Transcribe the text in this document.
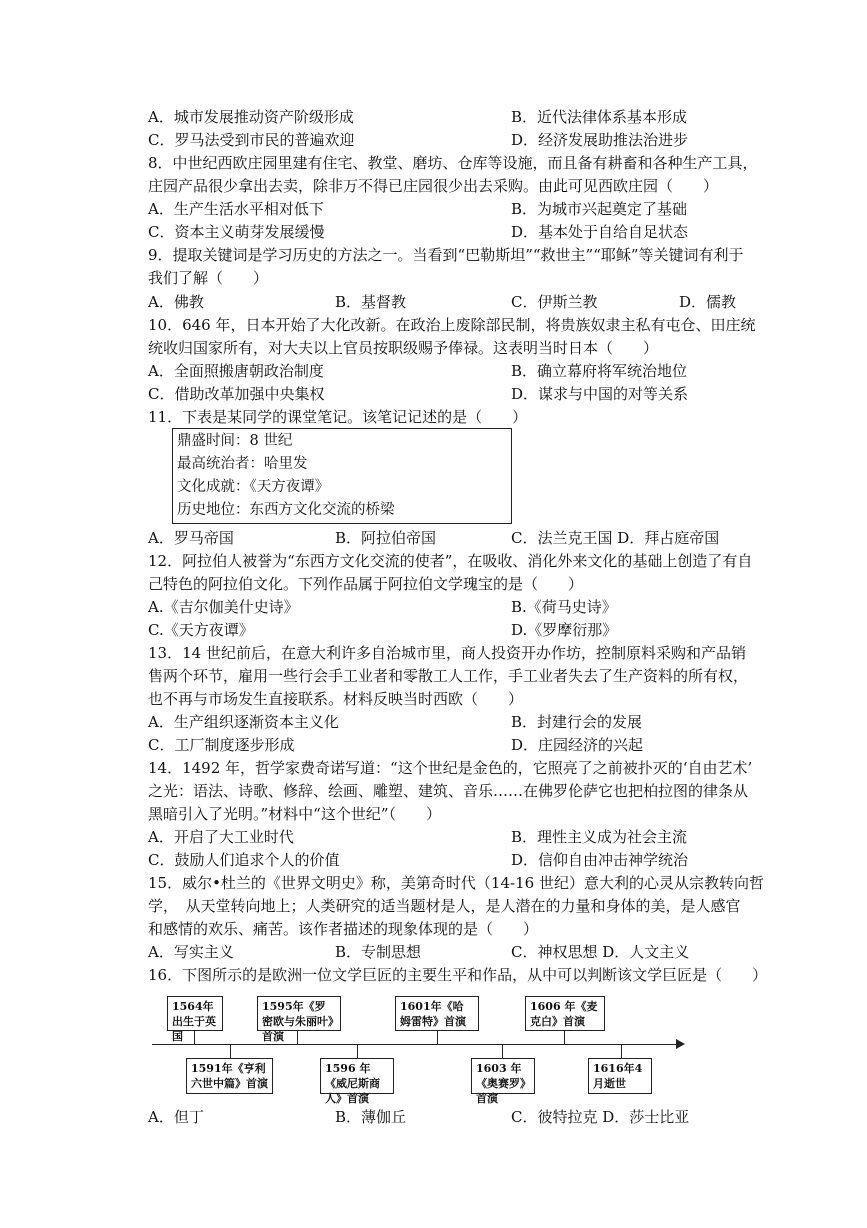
A．城市发展推动资产阶级形成	B．近代法律体系基本形成
C．罗马法受到市民的普遍欢迎	D．经济发展助推法治进步
8．中世纪西欧庄园里建有住宅、教堂、磨坊、仓库等设施，而且备有耕畜和各种生产工具，
庄园产品很少拿出去卖，除非万不得已庄园很少出去采购。由此可见西欧庄园（　　）
A．生产生活水平相对低下	B．为城市兴起奠定了基础
C．资本主义萌芽发展缓慢	D．基本处于自给自足状态
9．提取关键词是学习历史的方法之一。当看到“巴勒斯坦”“救世主”“耶稣”等关键词有利于
我们了解（　　）
A．佛教	B．基督教	C．伊斯兰教	D．儒教
10．646 年，日本开始了大化改新。在政治上废除部民制，将贵族奴隶主私有屯仓、田庄统
统收归国家所有，对大夫以上官员按职级赐予俸禄。这表明当时日本（　　）
A．全面照搬唐朝政治制度	B．确立幕府将军统治地位
C．借助改革加强中央集权	D．谋求与中国的对等关系
11．下表是某同学的课堂笔记。该笔记记述的是（　　）
鼎盛时间：8 世纪
最高统治者：哈里发
文化成就：《天方夜谭》
历史地位：东西方文化交流的桥梁
A．罗马帝国	B．阿拉伯帝国	C．法兰克王国 D．拜占庭帝国
12．阿拉伯人被誉为“东西方文化交流的使者”，在吸收、消化外来文化的基础上创造了有自
己特色的阿拉伯文化。下列作品属于阿拉伯文学瑰宝的是（　　）
A.《吉尔伽美什史诗》	B.《荷马史诗》
C.《天方夜谭》	D.《罗摩衍那》
13．14 世纪前后，在意大利许多自治城市里，商人投资开办作坊，控制原料采购和产品销
售两个环节，雇用一些行会手工业者和零散工人工作，手工业者失去了生产资料的所有权，
也不再与市场发生直接联系。材料反映当时西欧（　　）
A．生产组织逐渐资本主义化	B．封建行会的发展
C．工厂制度逐步形成	D．庄园经济的兴起
14．1492 年，哲学家费奇诺写道：“这个世纪是金色的，它照亮了之前被扑灭的‘自由艺术’
之光：语法、诗歌、修辞、绘画、雕塑、建筑、音乐……在佛罗伦萨它也把柏拉图的律条从
黑暗引入了光明。”材料中“这个世纪”（　　）
A．开启了大工业时代	B．理性主义成为社会主流
C．鼓励人们追求个人的价值	D．信仰自由冲击神学统治
15．威尔•杜兰的《世界文明史》称，美第奇时代（14-16 世纪）意大利的心灵从宗教转向哲
学，　从天堂转向地上；人类研究的适当题材是人，是人潜在的力量和身体的美，是人感官
和感情的欢乐、痛苦。该作者描述的现象体现的是（　　）
A．写实主义	B．专制思想	C．神权思想 D．人文主义
16．下图所示的是欧洲一位文学巨匠的主要生平和作品，从中可以判断该文学巨匠是（　　）
1564年出生于英国
1595年《罗密欧与朱丽叶》首演
1601年《哈姆雷特》首演
1606 年《麦克白》首演
1591年《亨利六世中篇》首演
1596 年《威尼斯商人》首演
1603 年《奥赛罗》首演
1616年4月逝世
A．但丁	B．薄伽丘	C．彼特拉克 D．莎士比亚
